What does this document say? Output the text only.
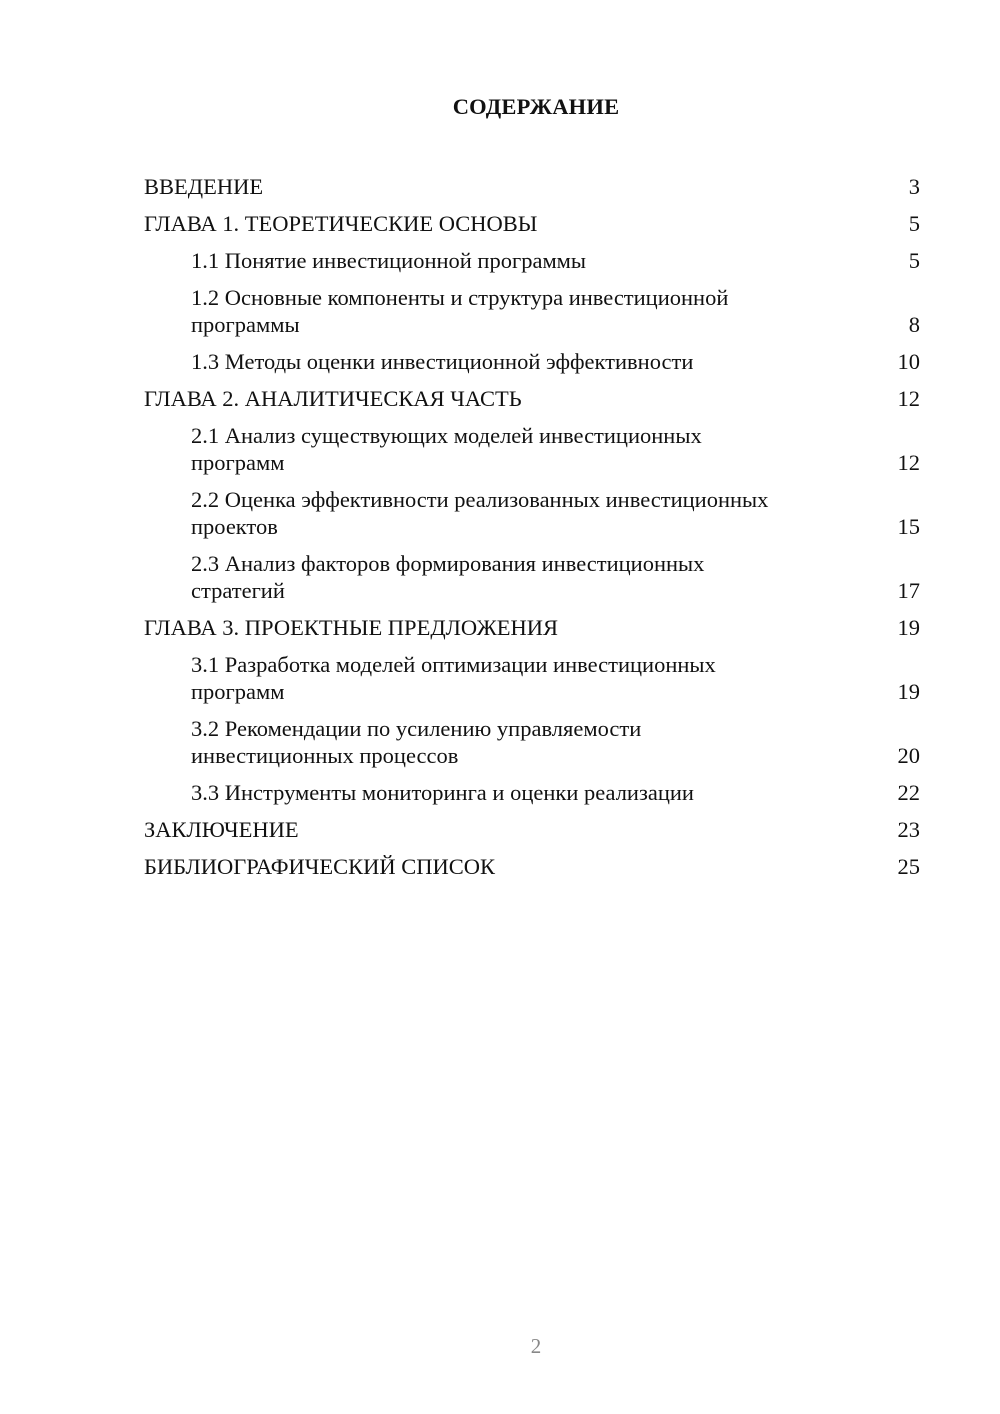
СОДЕРЖАНИЕ
ВВЕДЕНИЕ	3
ГЛАВА 1. ТЕОРЕТИЧЕСКИЕ ОСНОВЫ	5
1.1 Понятие инвестиционной программы	5
1.2 Основные компоненты и структура инвестиционной программы	8
1.3 Методы оценки инвестиционной эффективности	10
ГЛАВА 2. АНАЛИТИЧЕСКАЯ ЧАСТЬ	12
2.1 Анализ существующих моделей инвестиционных программ	12
2.2 Оценка эффективности реализованных инвестиционных проектов	15
2.3 Анализ факторов формирования инвестиционных стратегий	17
ГЛАВА 3. ПРОЕКТНЫЕ ПРЕДЛОЖЕНИЯ	19
3.1 Разработка моделей оптимизации инвестиционных программ	19
3.2 Рекомендации по усилению управляемости инвестиционных процессов	20
3.3 Инструменты мониторинга и оценки реализации	22
ЗАКЛЮЧЕНИЕ	23
БИБЛИОГРАФИЧЕСКИЙ СПИСОК	25
2
